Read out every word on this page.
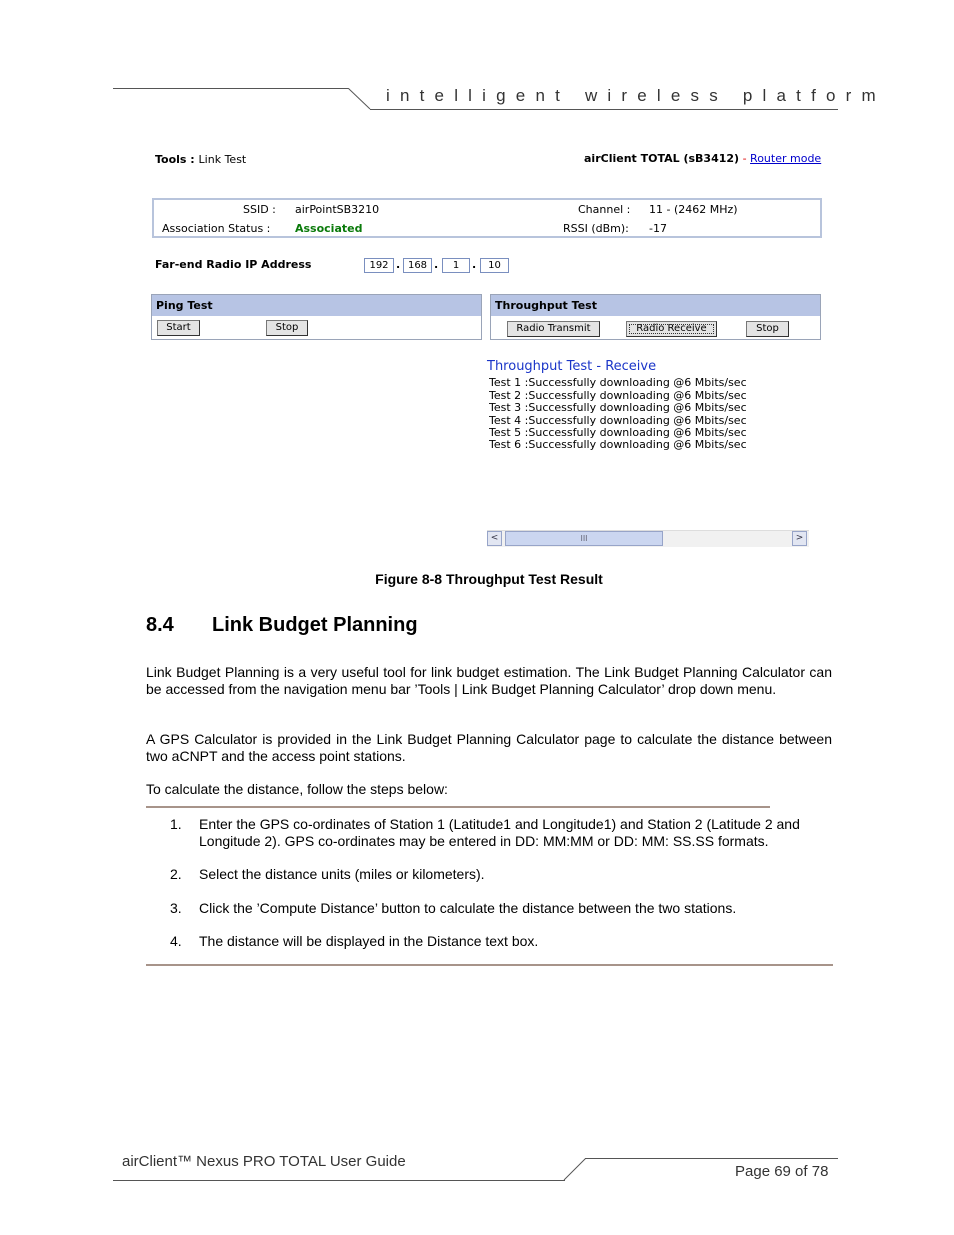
intelligent wireless platform
Tools : Link Test	airClient TOTAL (sB3412) - Router mode
SSID : airPointSB3210
Association Status : Associated
Channel : 11 - (2462 MHz)
RSSI (dBm): -17
Far-end Radio IP Address	192 . 168 .	1	.	10
Ping Test
Start	Stop
Throughput Test
Radio Transmit	Radio Receive	Stop
Throughput Test - Receive
Test 1 :Successfully downloading @6 Mbits/sec
Test 2 :Successfully downloading @6 Mbits/sec
Test 3 :Successfully downloading @6 Mbits/sec
Test 4 :Successfully downloading @6 Mbits/sec
Test 5 :Successfully downloading @6 Mbits/sec
Test 6 :Successfully downloading @6 Mbits/sec
<	III	>
Figure 8-8 Throughput Test Result
8.4 Link Budget Planning
Link Budget Planning is a very useful tool for link budget estimation. The Link Budget Planning Calculator can be accessed from the navigation menu bar ’Tools | Link Budget Planning Calculator’ drop down menu.
A GPS Calculator is provided in the Link Budget Planning Calculator page to calculate the distance between two aCNPT and the access point stations.
To calculate the distance, follow the steps below:
1. Enter the GPS co-ordinates of Station 1 (Latitude1 and Longitude1) and Station 2 (Latitude 2 and Longitude 2). GPS co-ordinates may be entered in DD: MM:MM or DD: MM: SS.SS formats.
2. Select the distance units (miles or kilometers).
3. Click the ’Compute Distance’ button to calculate the distance between the two stations.
4. The distance will be displayed in the Distance text box.
airClient™ Nexus PRO TOTAL User Guide
Page 69 of 78
